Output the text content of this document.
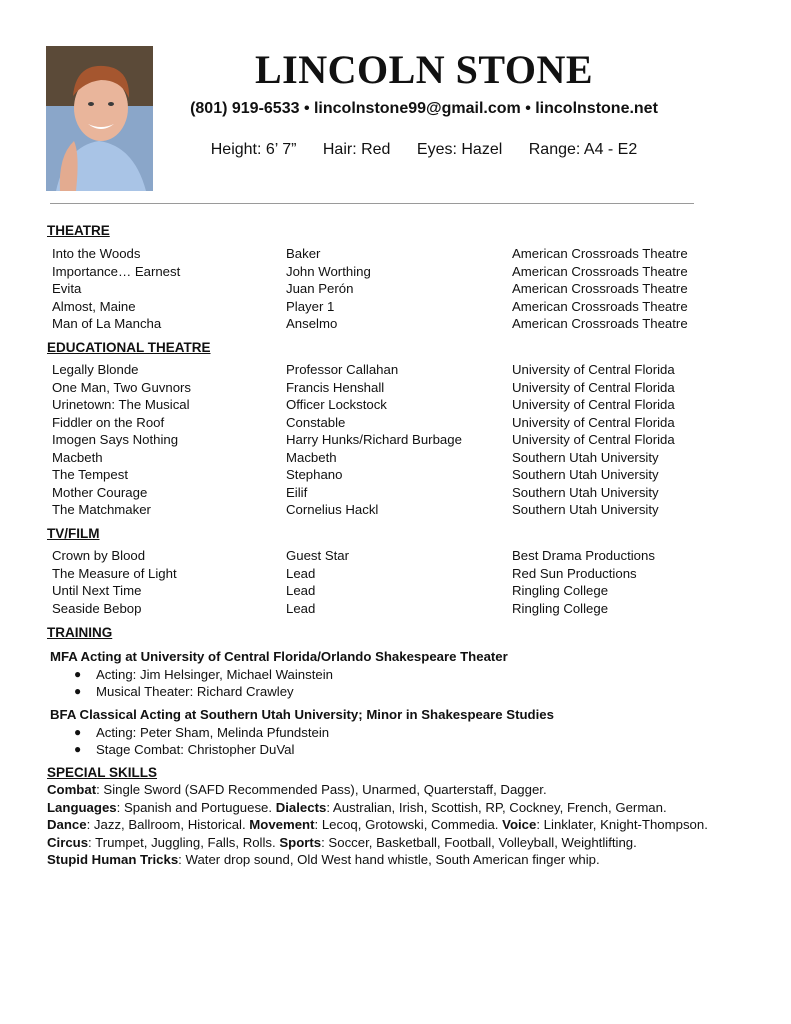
LINCOLN STONE
(801) 919-6533 • lincolnstone99@gmail.com • lincolnstone.net
Height: 6’ 7” Hair: Red Eyes: Hazel Range: A4 - E2
THEATRE
Into the Woods	Baker	American Crossroads Theatre
Importance… Earnest	John Worthing	American Crossroads Theatre
Evita	Juan Perón	American Crossroads Theatre
Almost, Maine	Player 1	American Crossroads Theatre
Man of La Mancha	Anselmo	American Crossroads Theatre
EDUCATIONAL THEATRE
Legally Blonde	Professor Callahan	University of Central Florida
One Man, Two Guvnors	Francis Henshall	University of Central Florida
Urinetown: The Musical	Officer Lockstock	University of Central Florida
Fiddler on the Roof	Constable	University of Central Florida
Imogen Says Nothing	Harry Hunks/Richard Burbage	University of Central Florida
Macbeth	Macbeth	Southern Utah University
The Tempest	Stephano	Southern Utah University
Mother Courage	Eilif	Southern Utah University
The Matchmaker	Cornelius Hackl	Southern Utah University
TV/FILM
Crown by Blood	Guest Star	Best Drama Productions
The Measure of Light	Lead	Red Sun Productions
Until Next Time	Lead	Ringling College
Seaside Bebop	Lead	Ringling College
TRAINING
MFA Acting at University of Central Florida/Orlando Shakespeare Theater
● Acting: Jim Helsinger, Michael Wainstein
● Musical Theater: Richard Crawley
BFA Classical Acting at Southern Utah University; Minor in Shakespeare Studies
● Acting: Peter Sham, Melinda Pfundstein
● Stage Combat: Christopher DuVal
SPECIAL SKILLS
Combat: Single Sword (SAFD Recommended Pass), Unarmed, Quarterstaff, Dagger.
Languages: Spanish and Portuguese. Dialects: Australian, Irish, Scottish, RP, Cockney, French, German.
Dance: Jazz, Ballroom, Historical. Movement: Lecoq, Grotowski, Commedia. Voice: Linklater, Knight-Thompson.
Circus: Trumpet, Juggling, Falls, Rolls. Sports: Soccer, Basketball, Football, Volleyball, Weightlifting.
Stupid Human Tricks: Water drop sound, Old West hand whistle, South American finger whip.
